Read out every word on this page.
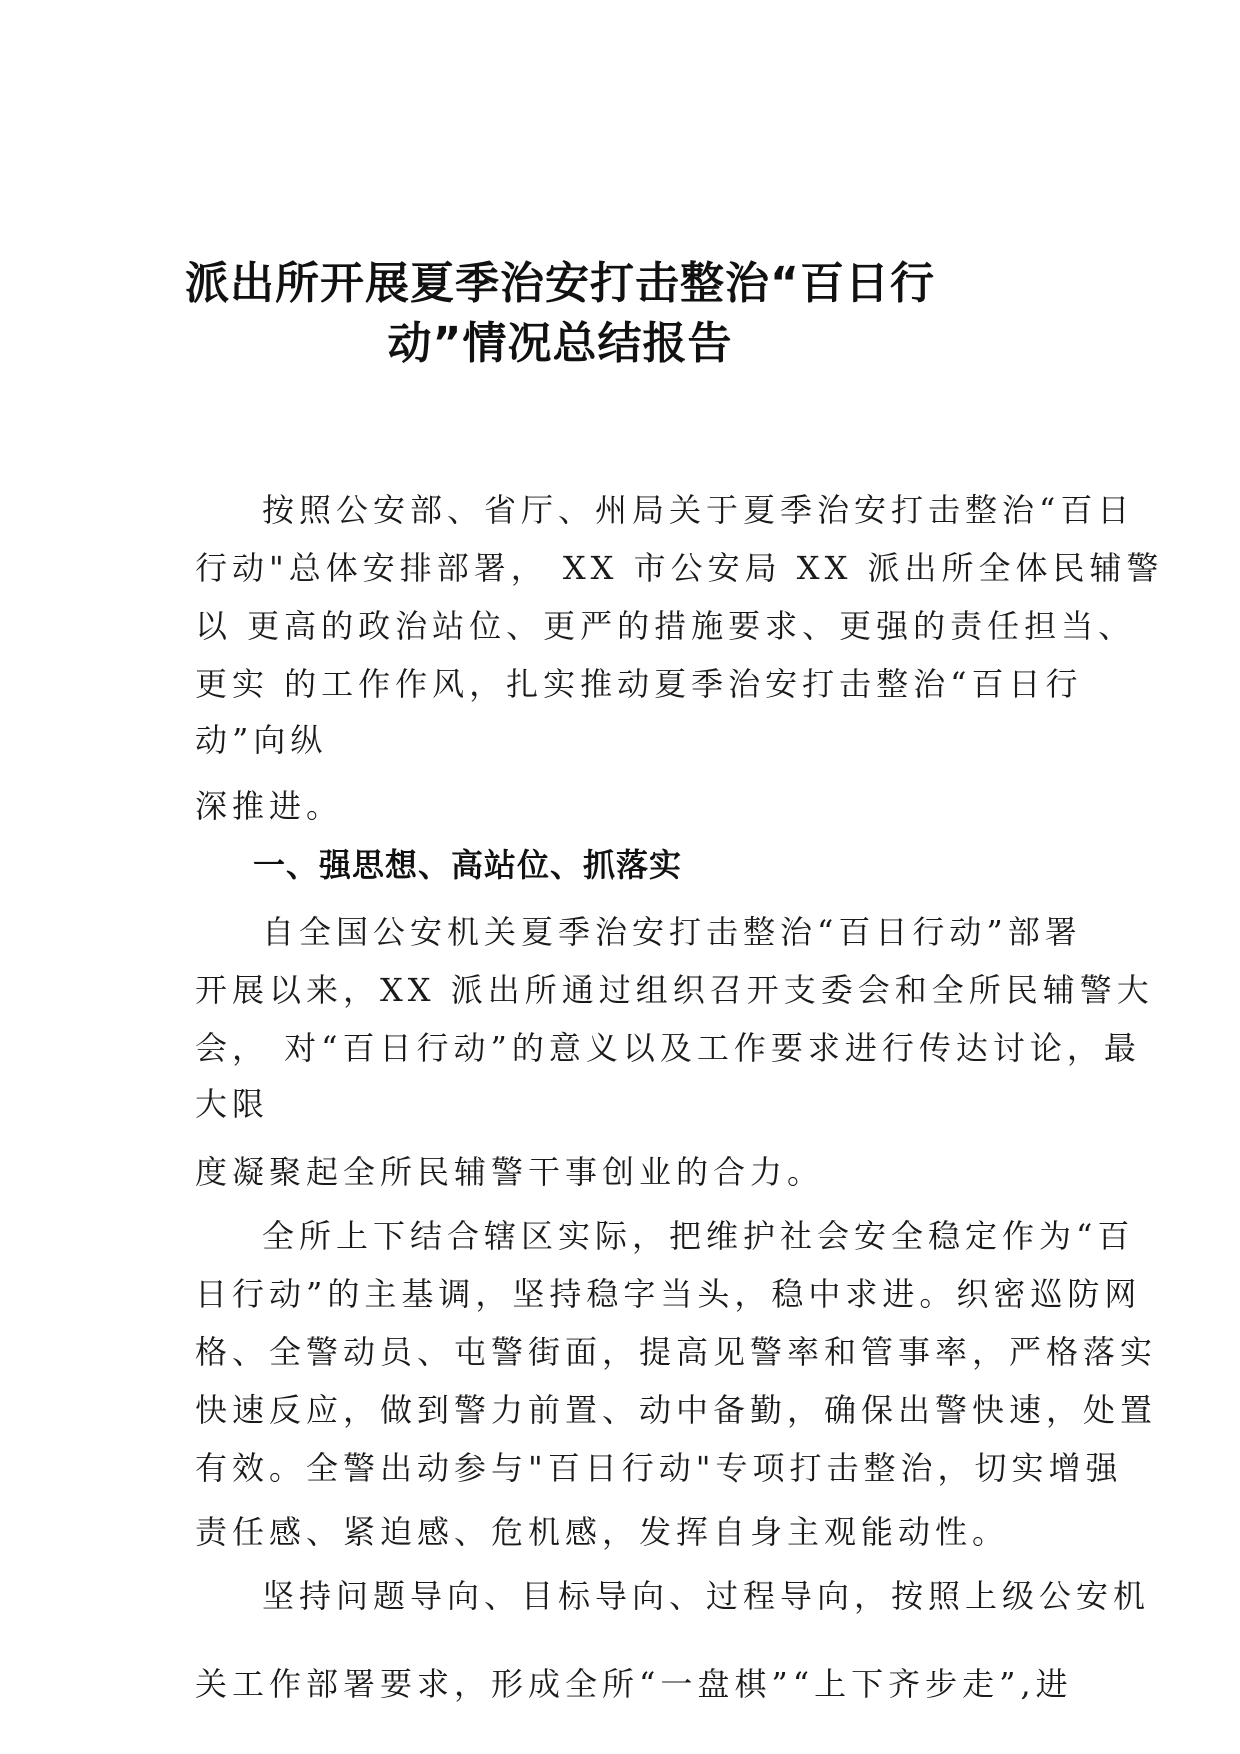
派出所开展夏季治安打击整治“百日行
动”情况总结报告

按照公安部、省厅、州局关于夏季治安打击整治“百日

行动"总体安排部署， XX 市公安局 XX 派出所全体民辅警

以 更高的政治站位、更严的措施要求、更强的责任担当、

更实 的工作作风，扎实推动夏季治安打击整治“百日行

动”向纵

深推进。

一、强思想、高站位、抓落实

自全国公安机关夏季治安打击整治“百日行动”部署

开展以来，XX 派出所通过组织召开支委会和全所民辅警大

会， 对“百日行动”的意义以及工作要求进行传达讨论，最

大限

度凝聚起全所民辅警干事创业的合力。

全所上下结合辖区实际，把维护社会安全稳定作为“百

日行动”的主基调，坚持稳字当头，稳中求进。织密巡防网

格、全警动员、屯警街面，提高见警率和管事率，严格落实

快速反应，做到警力前置、动中备勤，确保出警快速，处置

有效。全警出动参与"百日行动"专项打击整治，切实增强

责任感、紧迫感、危机感，发挥自身主观能动性。

坚持问题导向、目标导向、过程导向，按照上级公安机

关工作部署要求，形成全所“一盘棋”“上下齐步走”,进
